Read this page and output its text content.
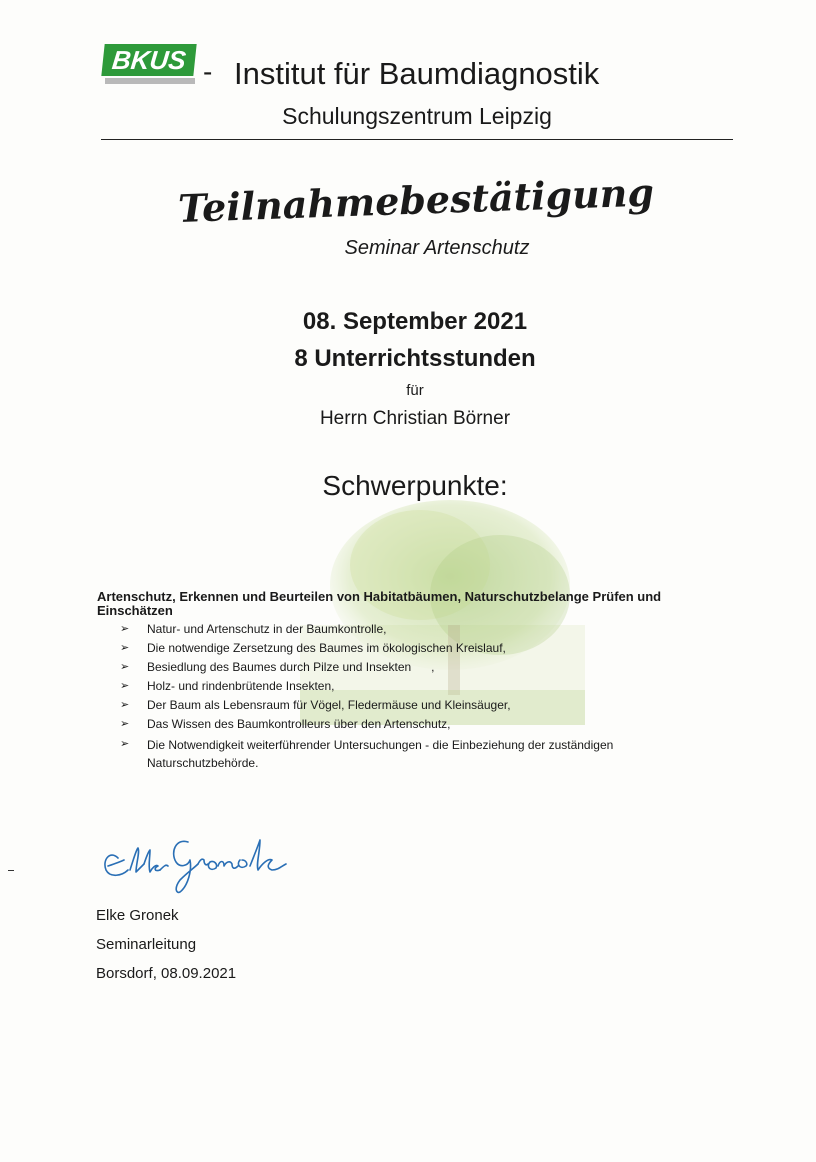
BKUS - Institut für Baumdiagnostik
Schulungszentrum Leipzig
Teilnahmebestätigung
Seminar Artenschutz
08. September 2021
8 Unterrichtsstunden
für
Herrn Christian Börner
Schwerpunkte:
Artenschutz, Erkennen und Beurteilen von Habitatbäumen, Naturschutzbelange Prüfen und Einschätzen
➢ Natur- und Artenschutz in der Baumkontrolle,
➢ Die notwendige Zersetzung des Baumes im ökologischen Kreislauf,
➢ Besiedlung des Baumes durch Pilze und Insekten      ,
➢ Holz- und rindenbrütende Insekten,
➢ Der Baum als Lebensraum für Vögel, Fledermäuse und Kleinsäuger,
➢ Das Wissen des Baumkontrolleurs über den Artenschutz,
➢ Die Notwendigkeit weiterführender Untersuchungen - die Einbeziehung der zuständigen Naturschutzbehörde.
Elke Gronek
Seminarleitung
Borsdorf, 08.09.2021
